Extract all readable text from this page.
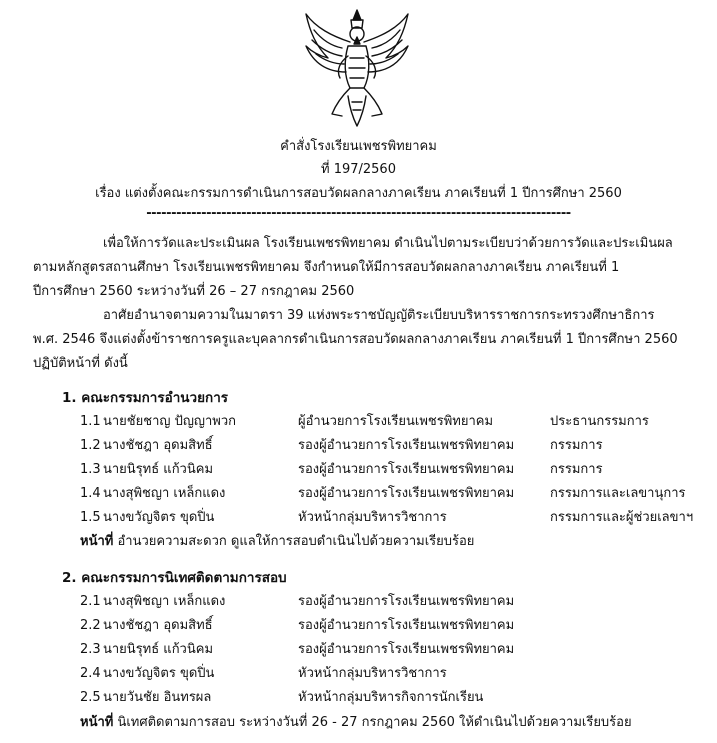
คำสั่งโรงเรียนเพชรพิทยาคม
ที่ 197/2560
เรื่อง แต่งตั้งคณะกรรมการดำเนินการสอบวัดผลกลางภาคเรียน ภาคเรียนที่ 1 ปีการศึกษา 2560
-------------------------------------------------------------------------------------
เพื่อให้การวัดและประเมินผล โรงเรียนเพชรพิทยาคม ดำเนินไปตามระเบียบว่าด้วยการวัดและประเมินผล
ตามหลักสูตรสถานศึกษา โรงเรียนเพชรพิทยาคม จึงกำหนดให้มีการสอบวัดผลกลางภาคเรียน ภาคเรียนที่ 1
ปีการศึกษา 2560 ระหว่างวันที่ 26 – 27 กรกฎาคม 2560
อาศัยอำนาจตามความในมาตรา 39 แห่งพระราชบัญญัติระเบียบบริหารราชการกระทรวงศึกษาธิการ
พ.ศ. 2546 จึงแต่งตั้งข้าราชการครูและบุคลากรดำเนินการสอบวัดผลกลางภาคเรียน ภาคเรียนที่ 1 ปีการศึกษา 2560
ปฏิบัติหน้าที่ ดังนี้
1. คณะกรรมการอำนวยการ
1.1 นายชัยชาญ ปัญญาพวก	ผู้อำนวยการโรงเรียนเพชรพิทยาคม	ประธานกรรมการ
1.2 นางชัชฎา อุดมสิทธิ์	รองผู้อำนวยการโรงเรียนเพชรพิทยาคม	กรรมการ
1.3 นายนิรุทธ์ แก้วนิคม	รองผู้อำนวยการโรงเรียนเพชรพิทยาคม	กรรมการ
1.4 นางสุพิชญา เหล็กแดง	รองผู้อำนวยการโรงเรียนเพชรพิทยาคม	กรรมการและเลขานุการ
1.5 นางขวัญจิตร ขุดปิ่น	หัวหน้ากลุ่มบริหารวิชาการ	กรรมการและผู้ช่วยเลขาฯ
หน้าที่ อำนวยความสะดวก ดูแลให้การสอบดำเนินไปด้วยความเรียบร้อย
2. คณะกรรมการนิเทศติดตามการสอบ
2.1 นางสุพิชญา เหล็กแดง	รองผู้อำนวยการโรงเรียนเพชรพิทยาคม
2.2 นางชัชฎา อุดมสิทธิ์	รองผู้อำนวยการโรงเรียนเพชรพิทยาคม
2.3 นายนิรุทธ์ แก้วนิคม	รองผู้อำนวยการโรงเรียนเพชรพิทยาคม
2.4 นางขวัญจิตร ขุดปิ่น	หัวหน้ากลุ่มบริหารวิชาการ
2.5 นายวันชัย อินทรผล	หัวหน้ากลุ่มบริหารกิจการนักเรียน
หน้าที่ นิเทศติดตามการสอบ ระหว่างวันที่ 26 - 27 กรกฎาคม 2560 ให้ดำเนินไปด้วยความเรียบร้อย
